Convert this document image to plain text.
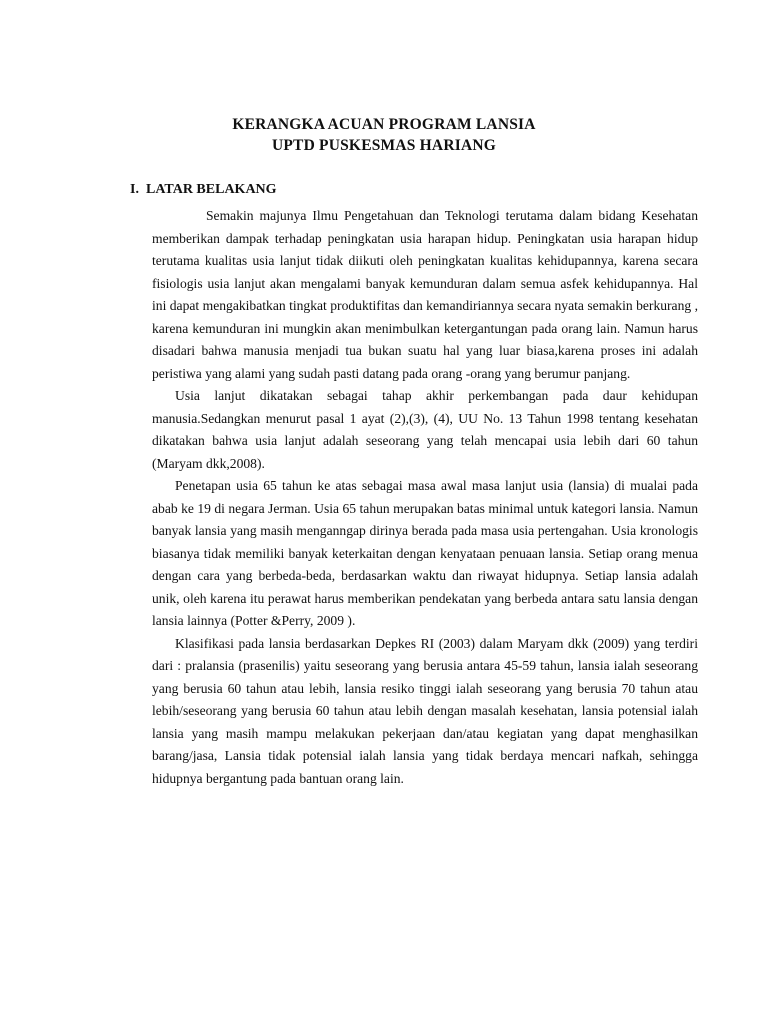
KERANGKA ACUAN PROGRAM LANSIA
UPTD PUSKESMAS HARIANG
I. LATAR BELAKANG

Semakin majunya Ilmu Pengetahuan dan Teknologi terutama dalam bidang Kesehatan memberikan dampak terhadap peningkatan usia harapan hidup. Peningkatan usia harapan hidup terutama kualitas usia lanjut tidak diikuti oleh peningkatan kualitas kehidupannya, karena secara fisiologis usia lanjut akan mengalami banyak kemunduran dalam semua asfek kehidupannya. Hal ini dapat mengakibatkan tingkat produktifitas dan kemandiriannya secara nyata semakin berkurang , karena kemunduran ini mungkin akan menimbulkan ketergantungan pada orang lain. Namun harus disadari bahwa manusia menjadi tua bukan suatu hal yang luar biasa,karena proses ini adalah peristiwa yang alami yang sudah pasti datang pada orang -orang yang berumur panjang.

Usia lanjut dikatakan sebagai tahap akhir perkembangan pada daur kehidupan manusia.Sedangkan menurut pasal 1 ayat (2),(3), (4), UU No. 13 Tahun 1998 tentang kesehatan dikatakan bahwa usia lanjut adalah seseorang yang telah mencapai usia lebih dari 60 tahun (Maryam dkk,2008).

Penetapan usia 65 tahun ke atas sebagai masa awal masa lanjut usia (lansia) di mualai pada abab ke 19 di negara Jerman. Usia 65 tahun merupakan batas minimal untuk kategori lansia. Namun banyak lansia yang masih menganngap dirinya berada pada masa usia pertengahan. Usia kronologis biasanya tidak memiliki banyak keterkaitan dengan kenyataan penuaan lansia. Setiap orang menua dengan cara yang berbeda-beda, berdasarkan waktu dan riwayat hidupnya. Setiap lansia adalah unik, oleh karena itu perawat harus memberikan pendekatan yang berbeda antara satu lansia dengan lansia lainnya (Potter &Perry, 2009 ).

Klasifikasi pada lansia berdasarkan Depkes RI (2003) dalam Maryam dkk (2009) yang terdiri dari : pralansia (prasenilis) yaitu seseorang yang berusia antara 45-59 tahun, lansia ialah seseorang yang berusia 60 tahun atau lebih, lansia resiko tinggi ialah seseorang yang berusia 70 tahun atau lebih/seseorang yang berusia 60 tahun atau lebih dengan masalah kesehatan, lansia potensial ialah lansia yang masih mampu melakukan pekerjaan dan/atau kegiatan yang dapat menghasilkan barang/jasa, Lansia tidak potensial ialah lansia yang tidak berdaya mencari nafkah, sehingga hidupnya bergantung pada bantuan orang lain.
